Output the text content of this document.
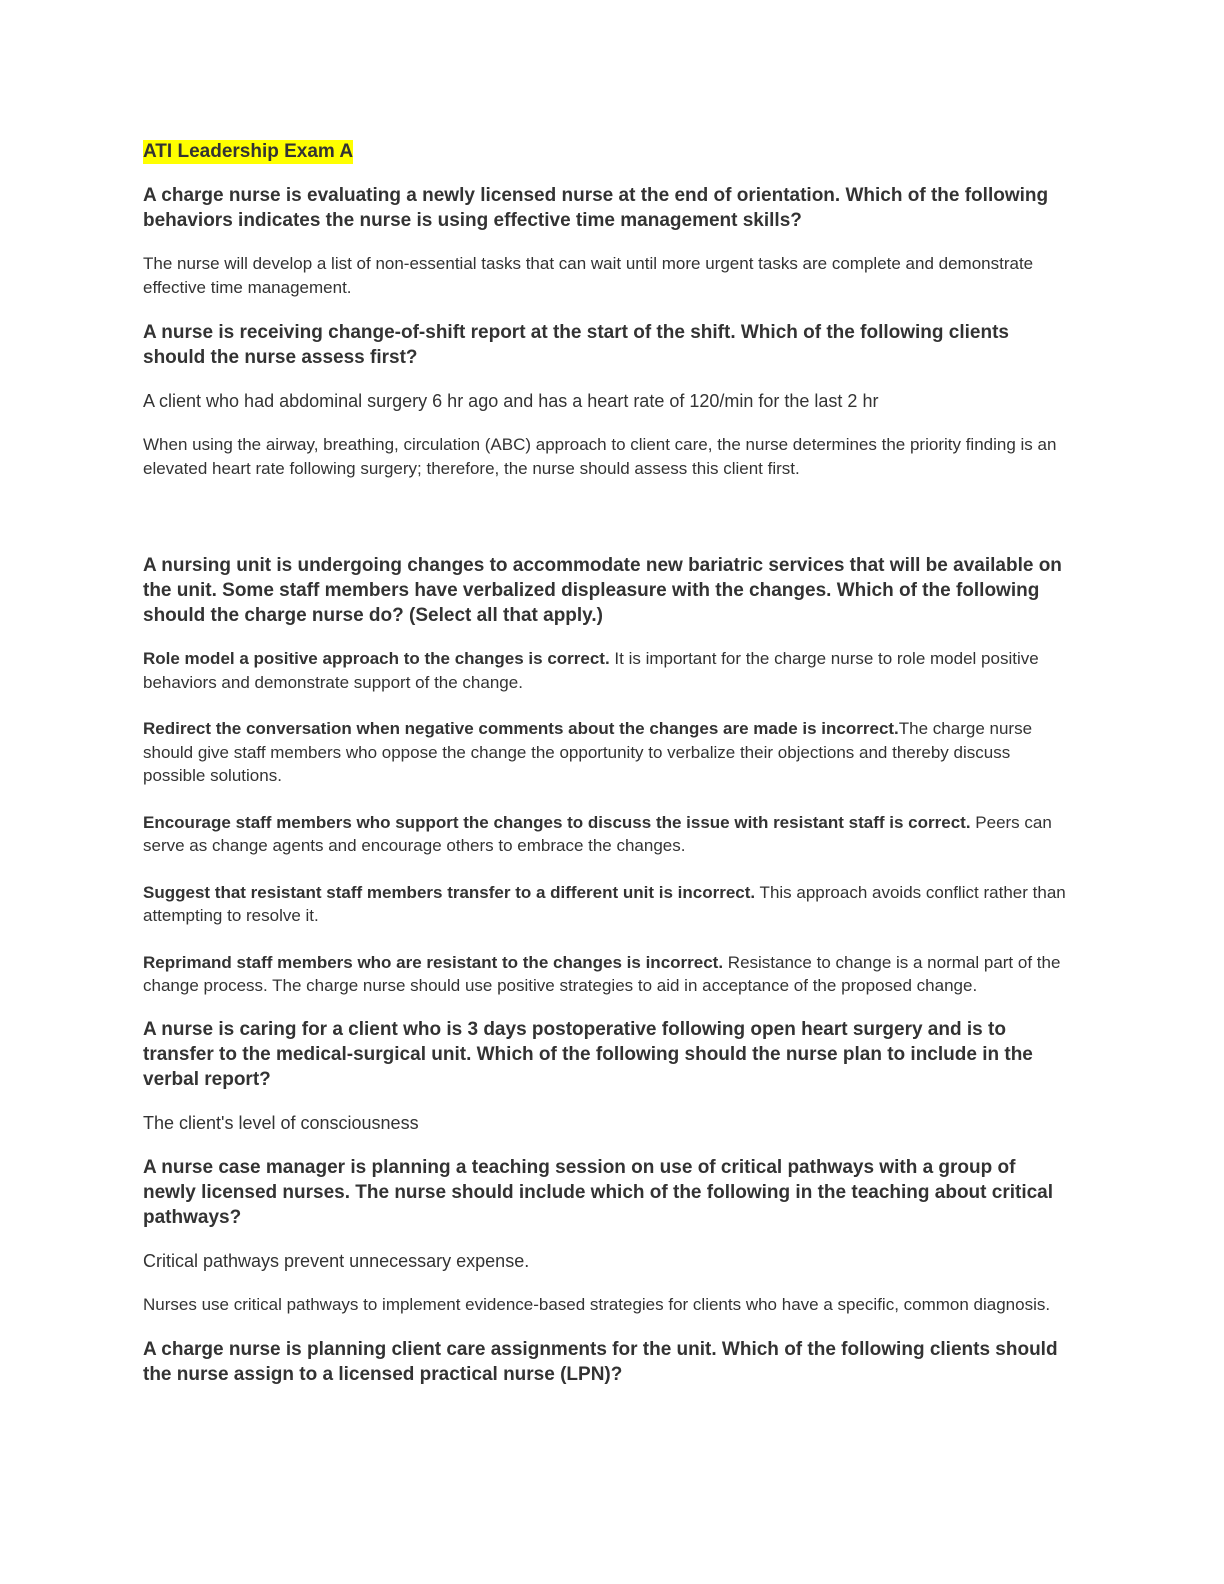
ATI Leadership Exam A
A charge nurse is evaluating a newly licensed nurse at the end of orientation. Which of the following behaviors indicates the nurse is using effective time management skills?
The nurse will develop a list of non-essential tasks that can wait until more urgent tasks are complete and demonstrate effective time management.
A nurse is receiving change-of-shift report at the start of the shift. Which of the following clients should the nurse assess first?
A client who had abdominal surgery 6 hr ago and has a heart rate of 120/min for the last 2 hr
When using the airway, breathing, circulation (ABC) approach to client care, the nurse determines the priority finding is an elevated heart rate following surgery; therefore, the nurse should assess this client first.
A nursing unit is undergoing changes to accommodate new bariatric services that will be available on the unit. Some staff members have verbalized displeasure with the changes. Which of the following should the charge nurse do? (Select all that apply.)
Role model a positive approach to the changes is correct. It is important for the charge nurse to role model positive behaviors and demonstrate support of the change.
Redirect the conversation when negative comments about the changes are made is incorrect.The charge nurse should give staff members who oppose the change the opportunity to verbalize their objections and thereby discuss possible solutions.
Encourage staff members who support the changes to discuss the issue with resistant staff is correct. Peers can serve as change agents and encourage others to embrace the changes.
Suggest that resistant staff members transfer to a different unit is incorrect. This approach avoids conflict rather than attempting to resolve it.
Reprimand staff members who are resistant to the changes is incorrect. Resistance to change is a normal part of the change process. The charge nurse should use positive strategies to aid in acceptance of the proposed change.
A nurse is caring for a client who is 3 days postoperative following open heart surgery and is to transfer to the medical-surgical unit. Which of the following should the nurse plan to include in the verbal report?
The client's level of consciousness
A nurse case manager is planning a teaching session on use of critical pathways with a group of newly licensed nurses. The nurse should include which of the following in the teaching about critical pathways?
Critical pathways prevent unnecessary expense.
Nurses use critical pathways to implement evidence-based strategies for clients who have a specific, common diagnosis.
A charge nurse is planning client care assignments for the unit. Which of the following clients should the nurse assign to a licensed practical nurse (LPN)?
